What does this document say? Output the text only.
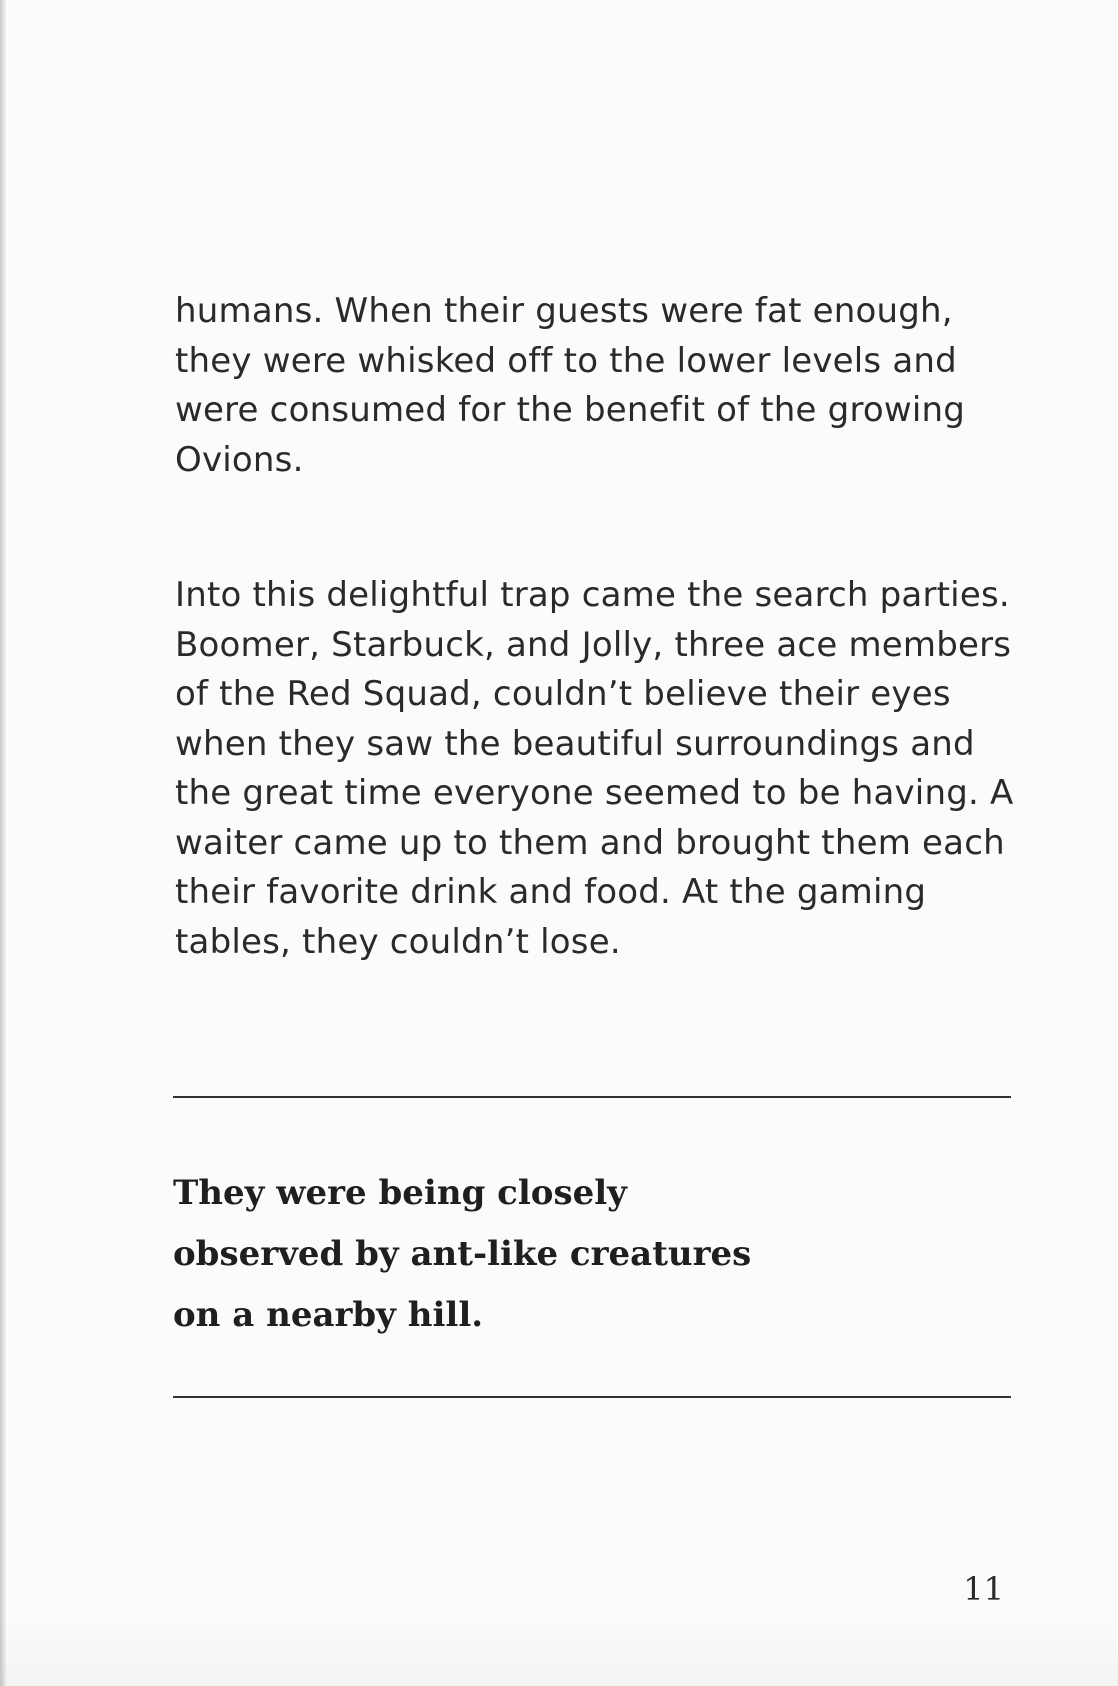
humans. When their guests were fat enough,
they were whisked off to the lower levels and
were consumed for the benefit of the growing
Ovions.

Into this delightful trap came the search parties.
Boomer, Starbuck, and Jolly, three ace members
of the Red Squad, couldn’t believe their eyes
when they saw the beautiful surroundings and
the great time everyone seemed to be having. A
waiter came up to them and brought them each
their favorite drink and food. At the gaming
tables, they couldn’t lose.

They were being closely
observed by ant-like creatures
on a nearby hill.

11
